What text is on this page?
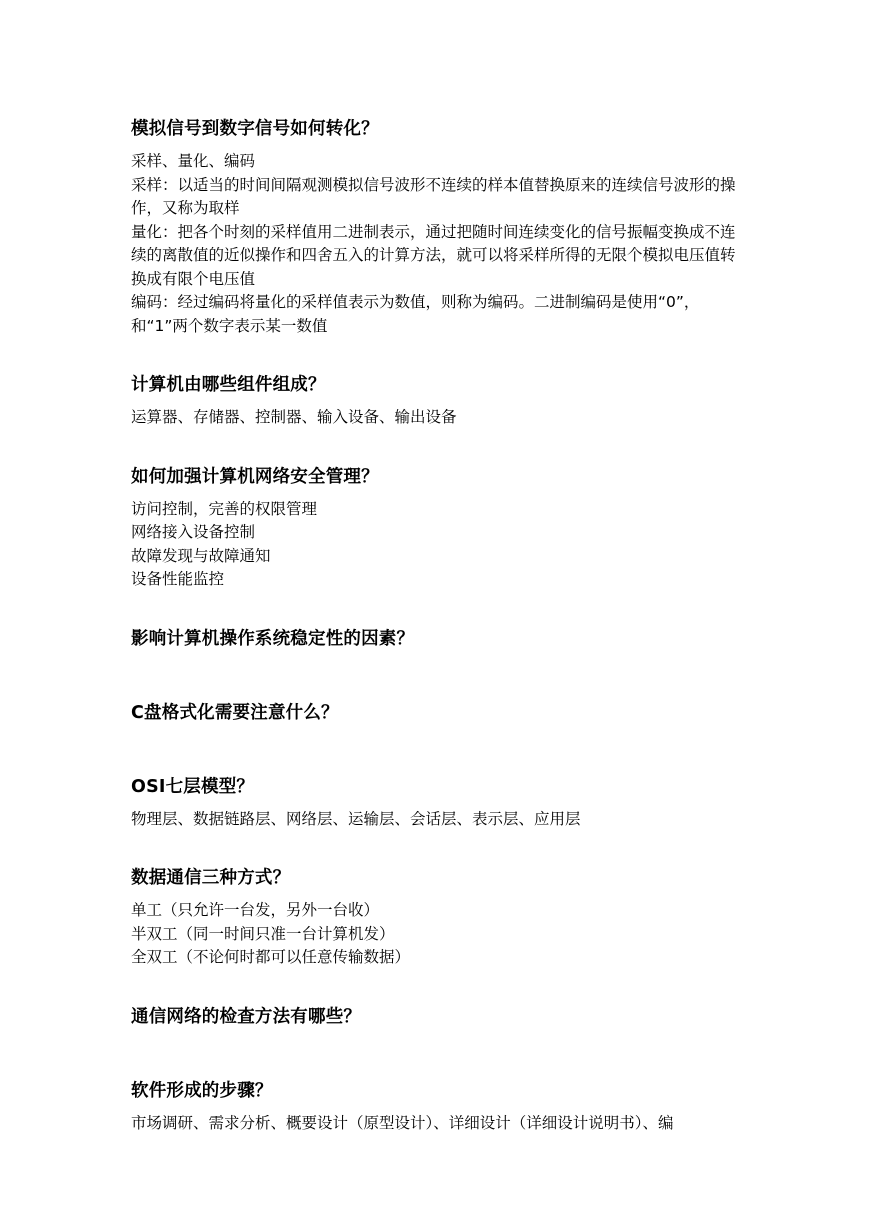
模拟信号到数字信号如何转化？

采样、量化、编码

采样：以适当的时间间隔观测模拟信号波形不连续的样本值替换原来的连续信号波形的操作，又称为取样

量化：把各个时刻的采样值用二进制表示，通过把随时间连续变化的信号振幅变换成不连续的离散值的近似操作和四舍五入的计算方法，就可以将采样所得的无限个模拟电压值转换成有限个电压值

编码：经过编码将量化的采样值表示为数值，则称为编码。二进制编码是使用“0”，和“1”两个数字表示某一数值

计算机由哪些组件组成？

运算器、存储器、控制器、输入设备、输出设备

如何加强计算机网络安全管理？

访问控制，完善的权限管理

网络接入设备控制

故障发现与故障通知

设备性能监控

影响计算机操作系统稳定性的因素？
C盘格式化需要注意什么？
OSI七层模型？

物理层、数据链路层、网络层、运输层、会话层、表示层、应用层

数据通信三种方式？

单工（只允许一台发，另外一台收）

半双工（同一时间只准一台计算机发）

全双工（不论何时都可以任意传输数据）

通信网络的检查方法有哪些？
软件形成的步骤？

市场调研、需求分析、概要设计（原型设计）、详细设计（详细设计说明书）、编
